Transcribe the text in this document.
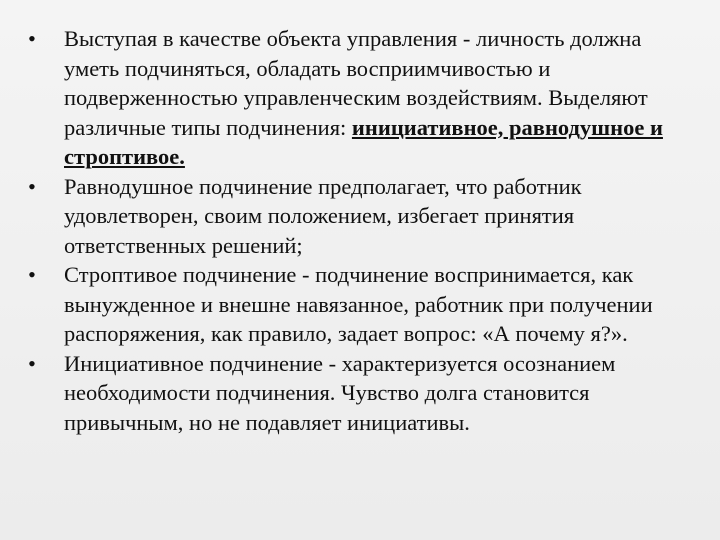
•	Выступая в качестве объекта управления - личность должна уметь подчиняться, обладать восприимчивостью и подверженностью управленческим воздействиям. Выделяют различные типы подчинения: инициативное, равнодушное и строптивое.
•	Равнодушное подчинение предполагает, что работник удовлетворен, своим положением, избегает принятия ответственных решений;
•	Строптивое подчинение - подчинение воспринимается, как вынужденное и внешне навязанное, работник при получении распоряжения, как правило, задает вопрос: «А почему я?».
•	Инициативное подчинение - характеризуется осознанием необходимости подчинения. Чувство долга становится привычным, но не подавляет инициативы.
